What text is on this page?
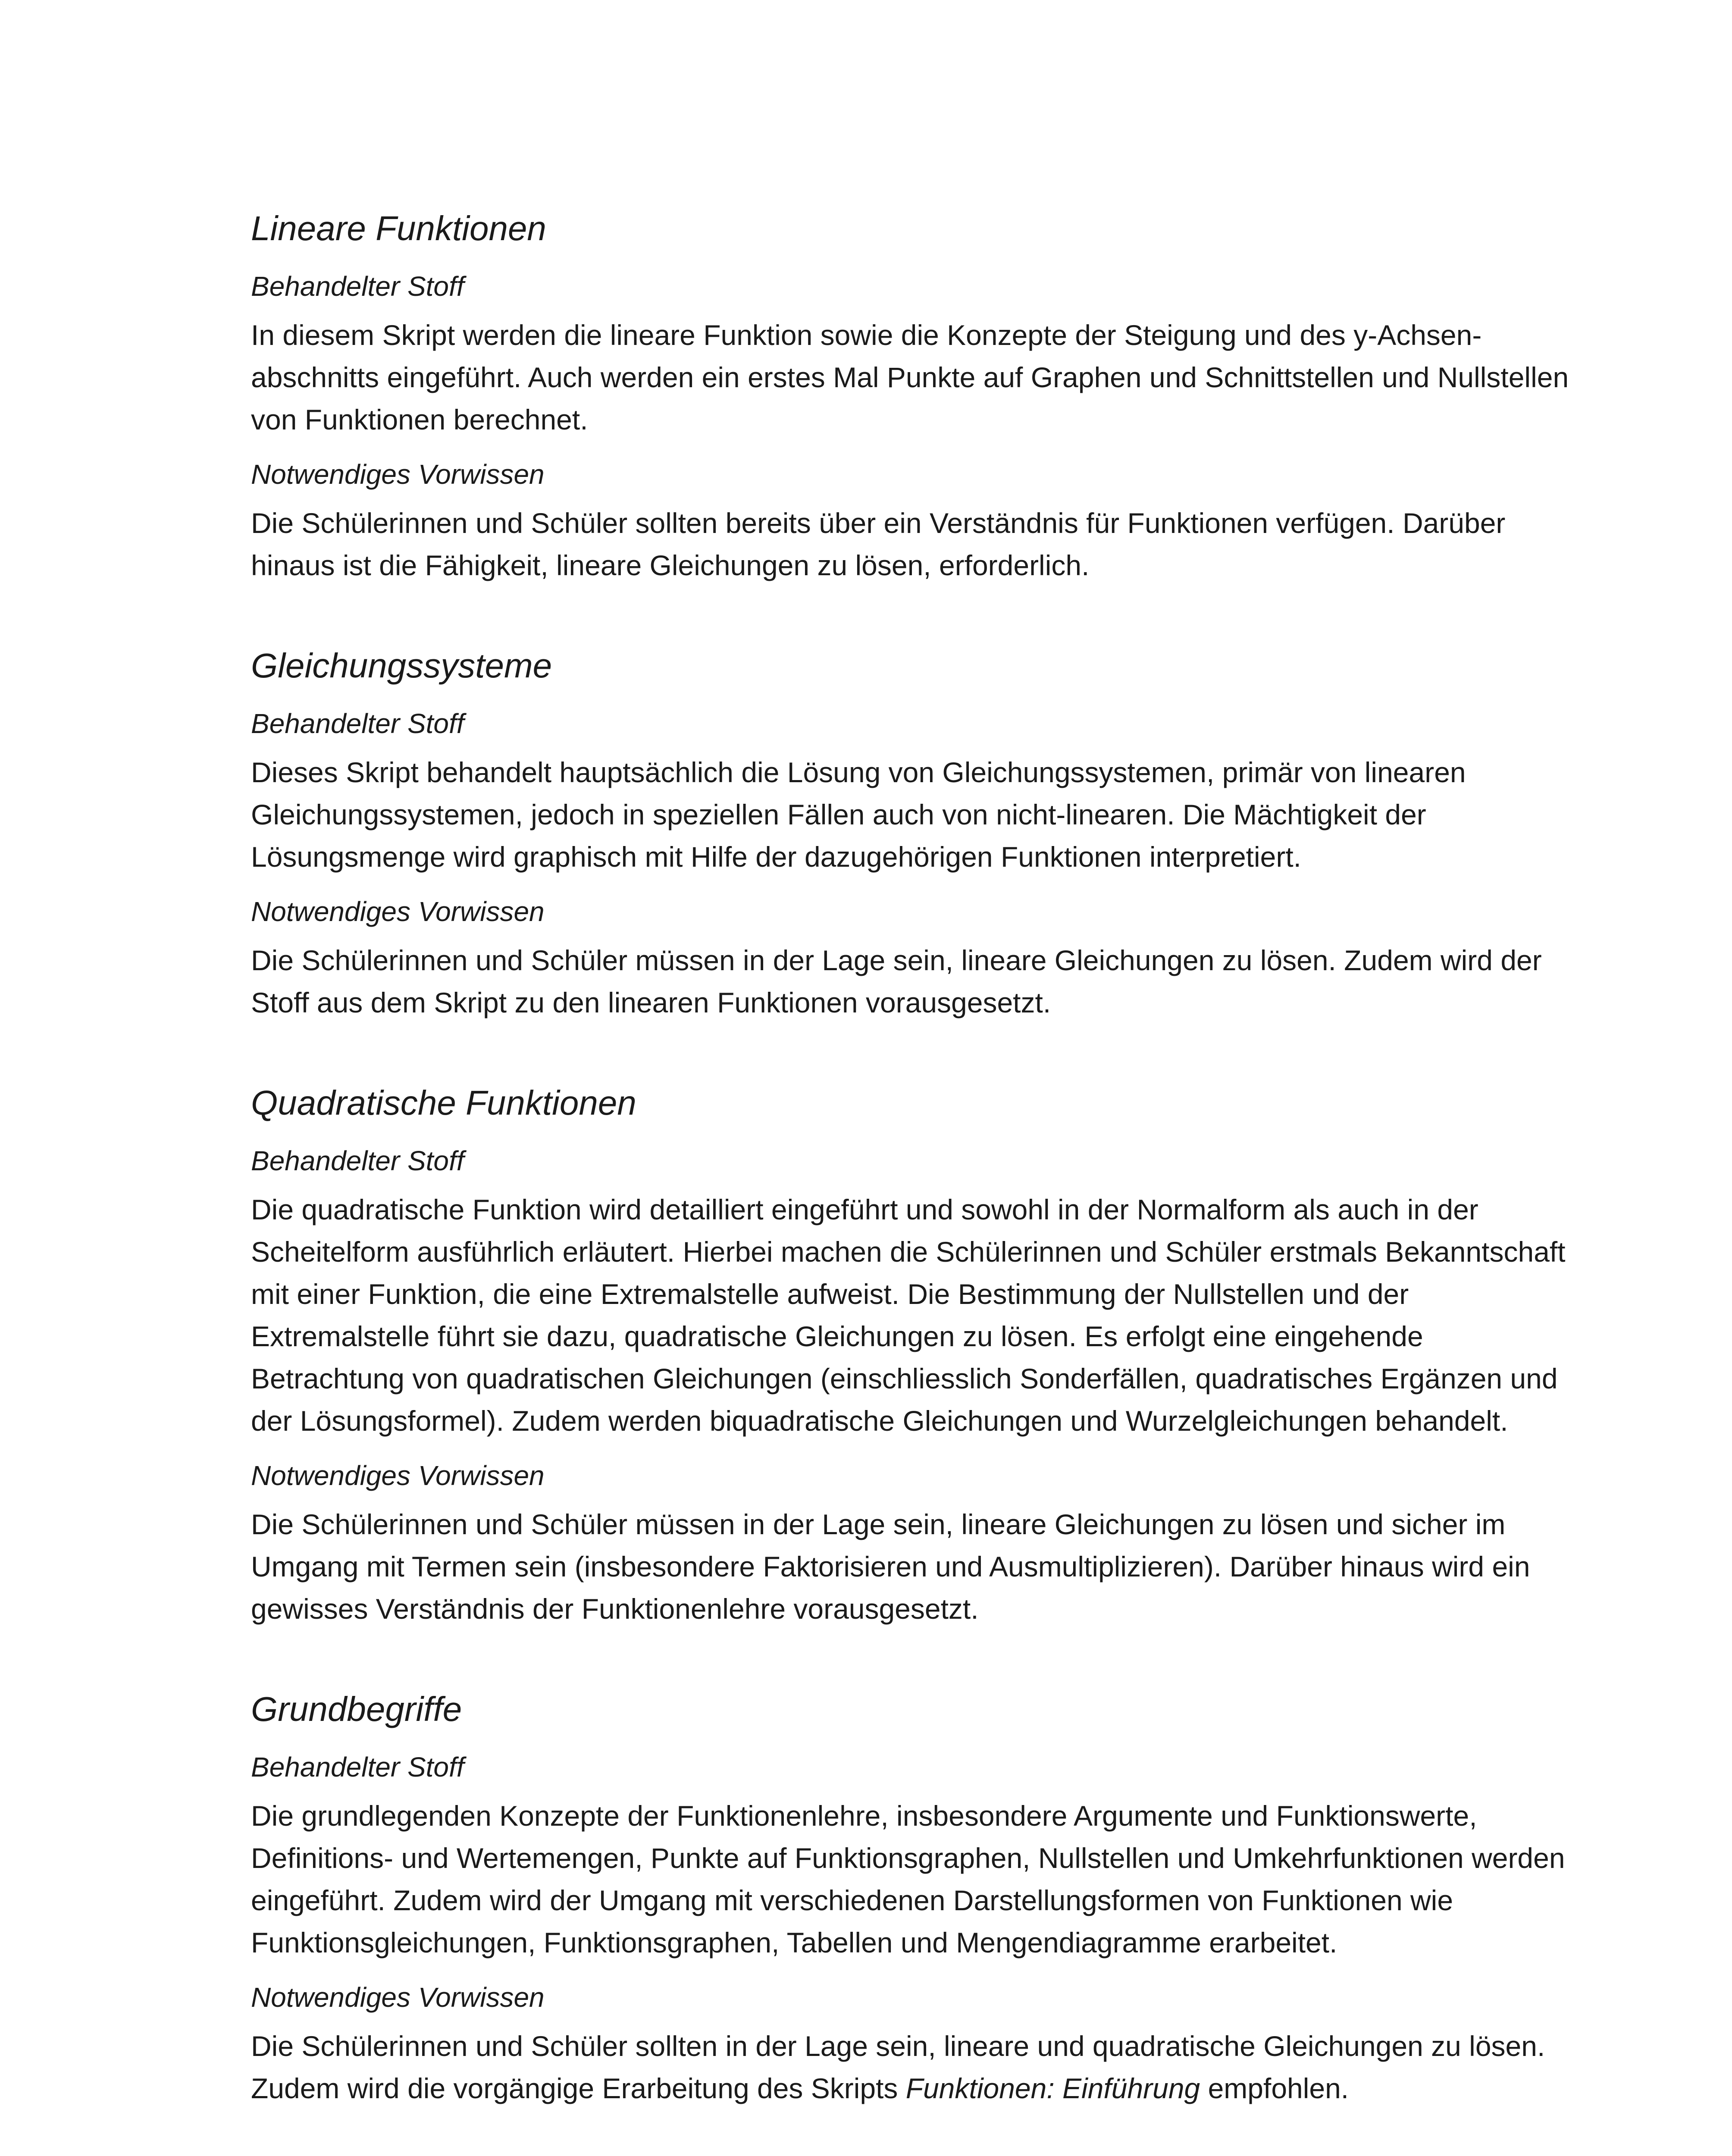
Lineare Funktionen
Behandelter Stoff

In diesem Skript werden die lineare Funktion sowie die Konzepte der Steigung und des y-Achsen-abschnitts eingeführt. Auch werden ein erstes Mal Punkte auf Graphen und Schnittstellen und Nullstellen von Funktionen berechnet.

Notwendiges Vorwissen

Die Schülerinnen und Schüler sollten bereits über ein Verständnis für Funktionen verfügen. Darüber hinaus ist die Fähigkeit, lineare Gleichungen zu lösen, erforderlich.

Gleichungssysteme
Behandelter Stoff

Dieses Skript behandelt hauptsächlich die Lösung von Gleichungssystemen, primär von linearen Gleichungssystemen, jedoch in speziellen Fällen auch von nicht-linearen. Die Mächtigkeit der Lösungsmenge wird graphisch mit Hilfe der dazugehörigen Funktionen interpretiert.

Notwendiges Vorwissen

Die Schülerinnen und Schüler müssen in der Lage sein, lineare Gleichungen zu lösen. Zudem wird der Stoff aus dem Skript zu den linearen Funktionen vorausgesetzt.

Quadratische Funktionen
Behandelter Stoff

Die quadratische Funktion wird detailliert eingeführt und sowohl in der Normalform als auch in der Scheitelform ausführlich erläutert. Hierbei machen die Schülerinnen und Schüler erstmals Bekanntschaft mit einer Funktion, die eine Extremalstelle aufweist. Die Bestimmung der Nullstellen und der Extremalstelle führt sie dazu, quadratische Gleichungen zu lösen. Es erfolgt eine eingehende Betrachtung von quadratischen Gleichungen (einschliesslich Sonderfällen, quadratisches Ergänzen und der Lösungsformel). Zudem werden biquadratische Gleichungen und Wurzelgleichungen behandelt.

Notwendiges Vorwissen

Die Schülerinnen und Schüler müssen in der Lage sein, lineare Gleichungen zu lösen und sicher im Umgang mit Termen sein (insbesondere Faktorisieren und Ausmultiplizieren). Darüber hinaus wird ein gewisses Verständnis der Funktionenlehre vorausgesetzt.

Grundbegriffe
Behandelter Stoff

Die grundlegenden Konzepte der Funktionenlehre, insbesondere Argumente und Funktionswerte, Definitions- und Wertemengen, Punkte auf Funktionsgraphen, Nullstellen und Umkehrfunktionen werden eingeführt. Zudem wird der Umgang mit verschiedenen Darstellungsformen von Funktionen wie Funktionsgleichungen, Funktionsgraphen, Tabellen und Mengendiagramme erarbeitet.

Notwendiges Vorwissen

Die Schülerinnen und Schüler sollten in der Lage sein, lineare und quadratische Gleichungen zu lösen. Zudem wird die vorgängige Erarbeitung des Skripts Funktionen: Einführung empfohlen.
